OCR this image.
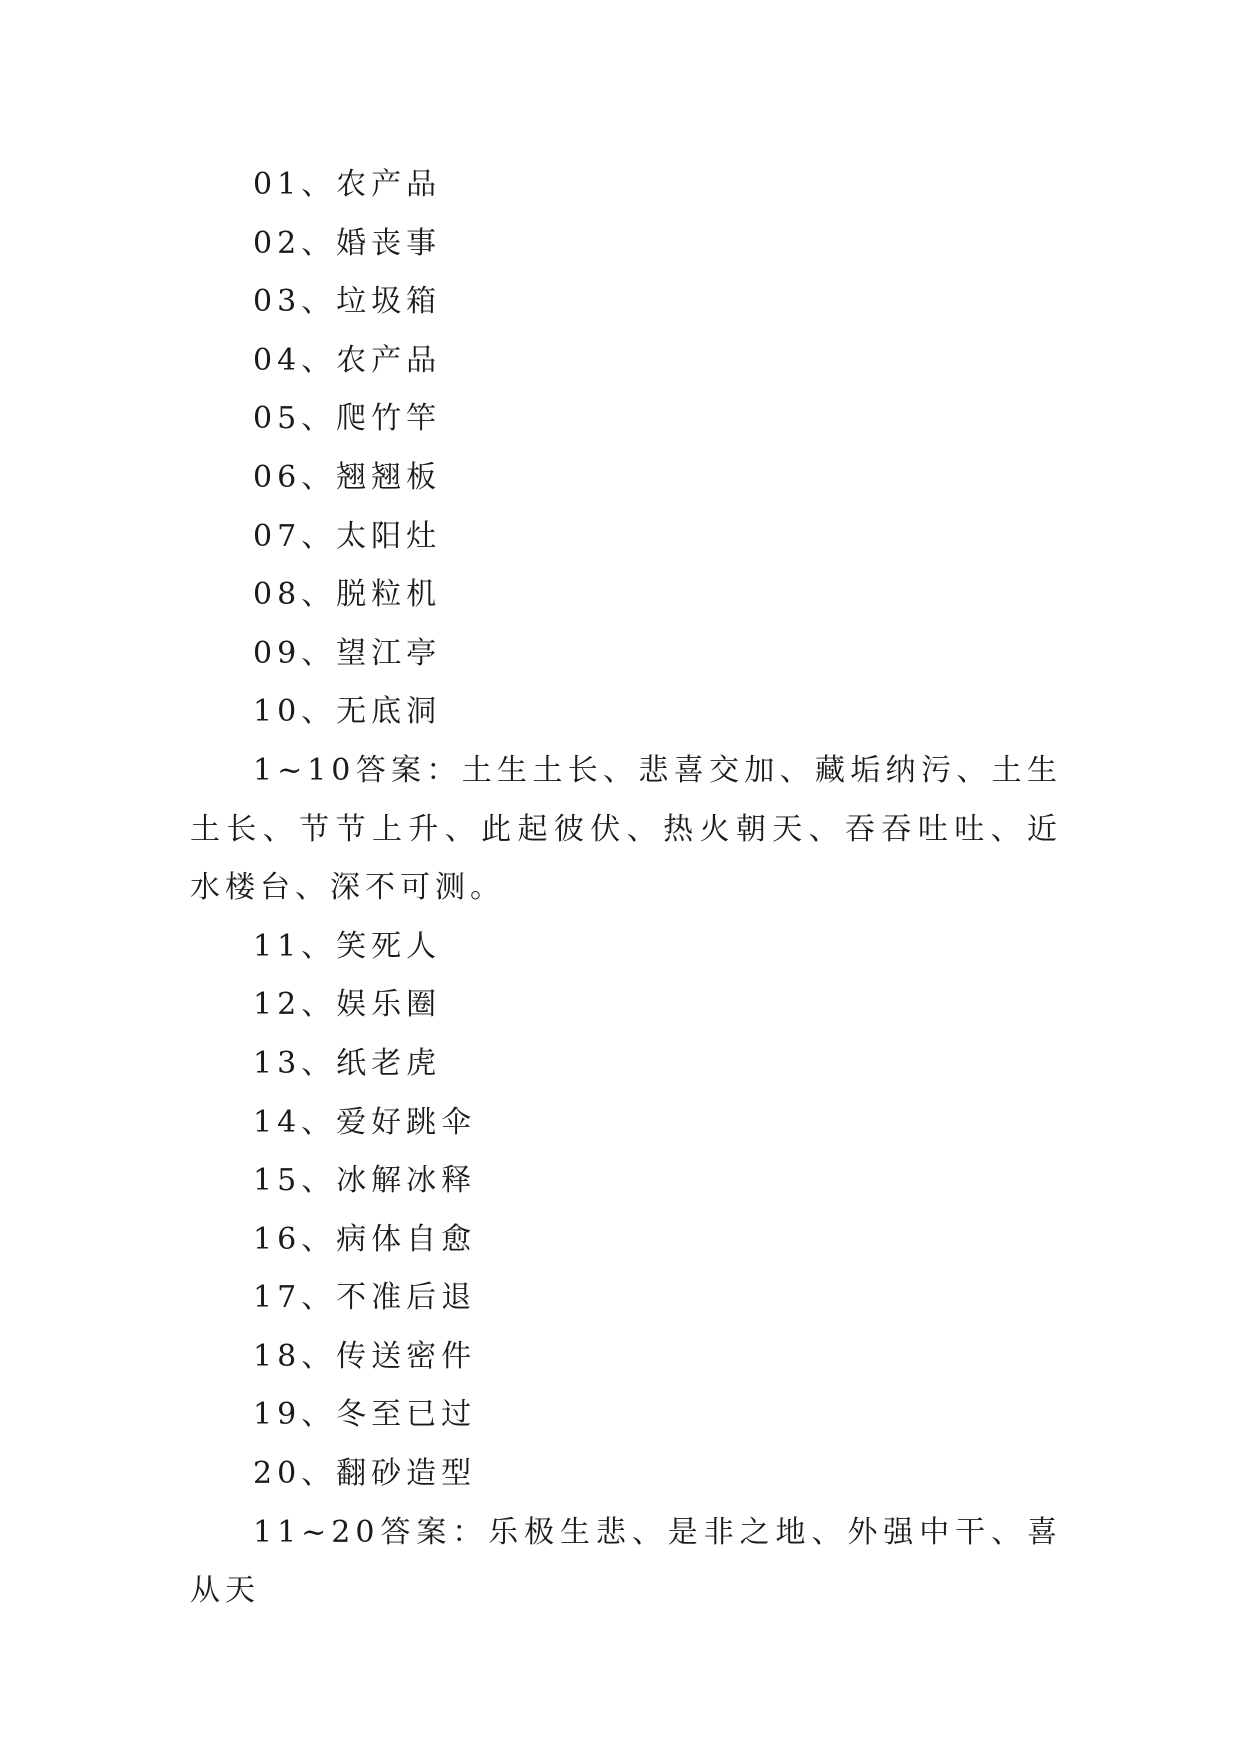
01、农产品

02、婚丧事

03、垃圾箱

04、农产品

05、爬竹竿

06、翘翘板

07、太阳灶

08、脱粒机

09、望江亭

10、无底洞

1~10答案：土生土长、悲喜交加、藏垢纳污、土生土长、节节上升、此起彼伏、热火朝天、吞吞吐吐、近水楼台、深不可测。

11、笑死人

12、娱乐圈

13、纸老虎

14、爱好跳伞

15、冰解冰释

16、病体自愈

17、不准后退

18、传送密件

19、冬至已过

20、翻砂造型

11~20答案：乐极生悲、是非之地、外强中干、喜从天
